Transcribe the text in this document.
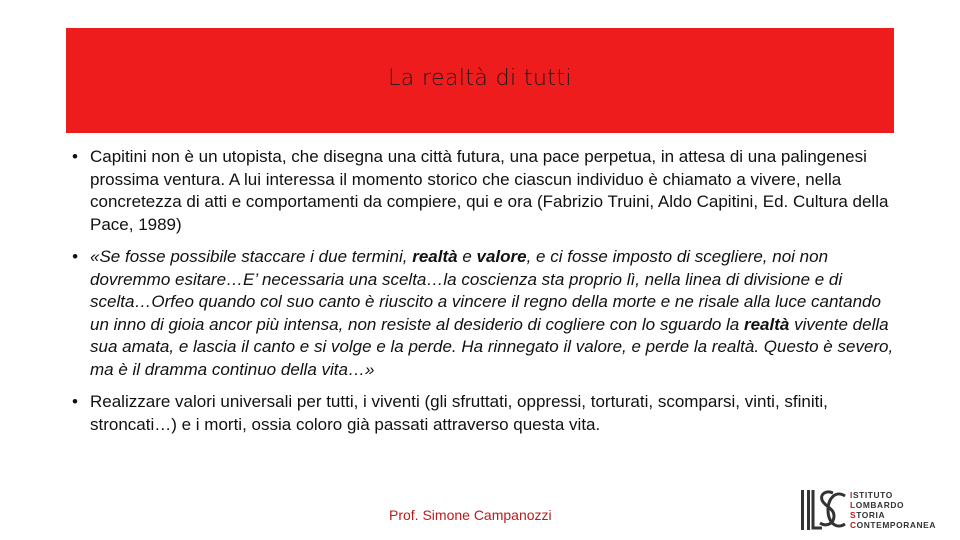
La realtà di tutti
• Capitini non è un utopista, che disegna una città futura, una pace perpetua, in attesa di una palingenesi prossima ventura. A lui interessa il momento storico che ciascun individuo è chiamato a vivere, nella concretezza di atti e comportamenti da compiere, qui e ora (Fabrizio Truini, Aldo Capitini, Ed. Cultura della Pace, 1989)
• «Se fosse possibile staccare i due termini, realtà e valore, e ci fosse imposto di scegliere, noi non dovremmo esitare…E’ necessaria una scelta…la coscienza sta proprio lì, nella linea di divisione e di scelta…Orfeo quando col suo canto è riuscito a vincere il regno della morte e ne risale alla luce cantando un inno di gioia ancor più intensa, non resiste al desiderio di cogliere con lo sguardo la realtà vivente della sua amata, e lascia il canto e si volge e la perde. Ha rinnegato il valore, e perde la realtà. Questo è severo, ma è il dramma continuo della vita…»
• Realizzare valori universali per tutti, i viventi (gli sfruttati, oppressi, torturati, scomparsi, vinti, sfiniti, stroncati…) e i morti, ossia coloro già passati attraverso questa vita.
Prof. Simone Campanozzi
ISTITUTO
LOMBARDO
STORIA
CONTEMPORANEA
